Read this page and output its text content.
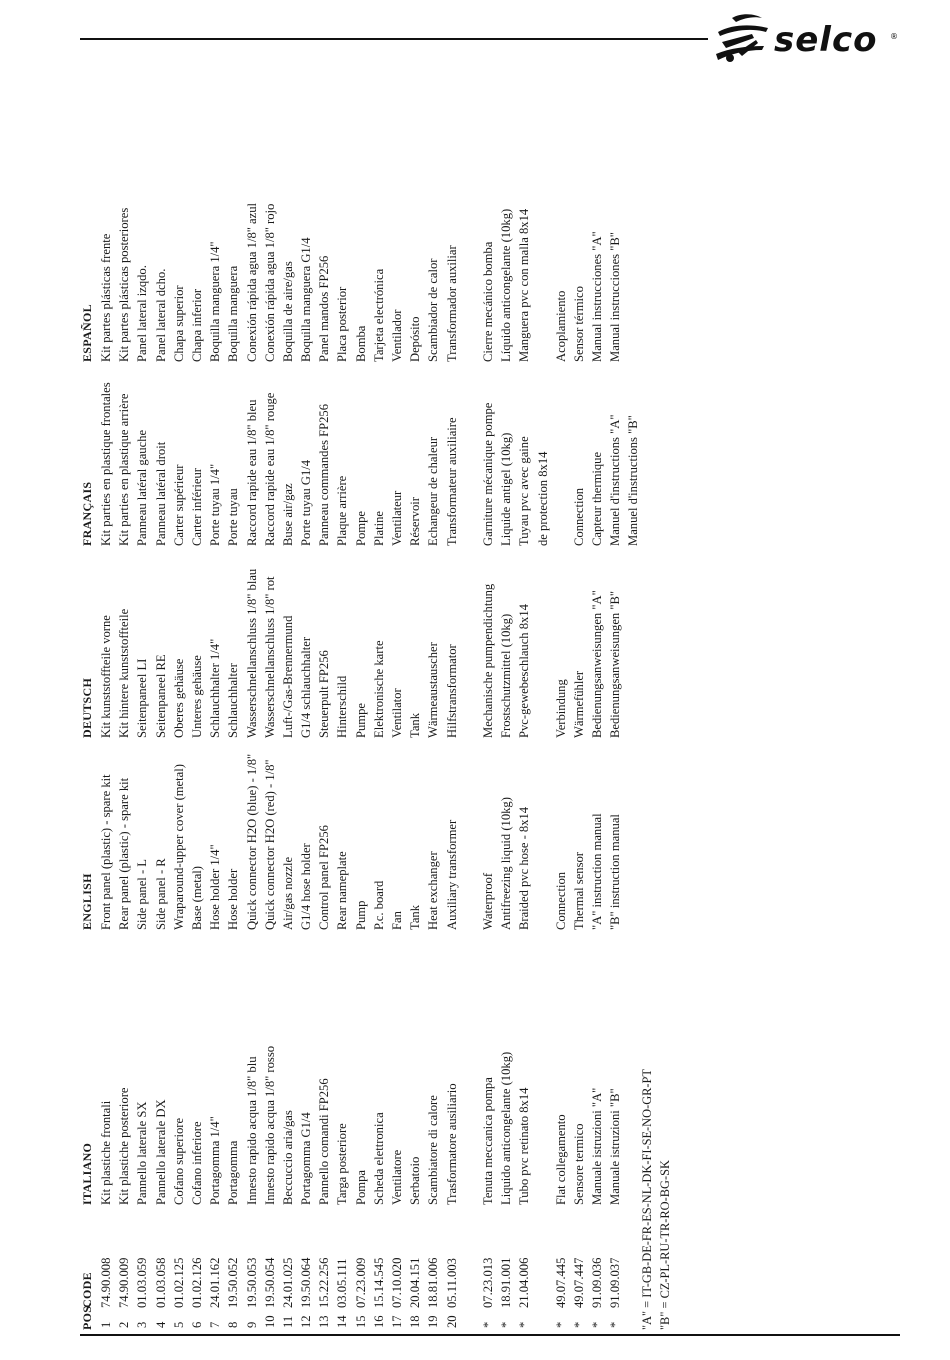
selco ®
POS. 1 2 3 4 5 6 7 8 9 10 11 12 13 14 15 16 17 18 19 20 * * * * * * *
CODE 74.90.008 74.90.009 01.03.059 01.03.058 01.02.125 01.02.126 24.01.162 19.50.052 19.50.053 19.50.054 24.01.025 19.50.064 15.22.256 03.05.111 07.23.009 15.14.545 07.10.020 20.04.151 18.81.006 05.11.003 07.23.013 18.91.001 21.04.006 49.07.445 49.07.447 91.09.036 91.09.037
ITALIANO Kit plastiche frontali Kit plastiche posteriore Pannello laterale SX Pannello laterale DX Cofano superiore Cofano inferiore Portagomma 1/4" Portagomma Innesto rapido acqua 1/8" blu Innesto rapido acqua 1/8" rosso Beccuccio aria/gas Portagomma G1/4 Pannello comandi FP256 Targa posteriore Pompa Scheda elettronica Ventilatore Serbatoio Scambiatore di calore Trasformatore ausiliario Tenuta meccanica pompa Liquido anticongelante (10kg) Tubo pvc retinato 8x14 Flat collegamento Sensore termico Manuale istruzioni "A" Manuale istruzioni "B"
ENGLISH Front panel (plastic) - spare kit Rear panel (plastic) - spare kit Side panel - L Side panel - R Wraparound-upper cover (metal) Base (metal) Hose holder 1/4" Hose holder Quick connector H2O (blue) - 1/8" Quick connector H2O (red) - 1/8" Air/gas nozzle G1/4 hose holder Control panel FP256 Rear nameplate Pump P.c. board Fan Tank Heat exchanger Auxiliary transformer Waterproof Antifreezing liquid (10kg) Braided pvc hose - 8x14 Connection Thermal sensor "A" instruction manual "B" instruction manual
DEUTSCH Kit kunststoffteile vorne Kit hintere kunststoffteile Seitenpaneel LI Seitenpaneel RE Oberes gehäuse Unteres gehäuse Schlauchhalter 1/4" Schlauchhalter Wasserschnellanschluss 1/8" blau Wasserschnellanschluss 1/8" rot Luft-/Gas-Brennermund G1/4 schlauchhalter Steuerpult FP256 Hinterschild Pumpe Elektronische karte Ventilator Tank Wärmeaustauscher Hilfstransformator Mechanische pumpendichtung Frostschutzmittel (10kg) Pvc-gewebeschlauch 8x14 Verbindung Wärmefühler Bedienungsanweisungen "A" Bedienungsanweisungen "B"
FRANÇAIS Kit parties en plastique frontales Kit parties en plastique arrière Panneau latéral gauche Panneau latéral droit Carter supérieur Carter inférieur Porte tuyau 1/4" Porte tuyau Raccord rapide eau 1/8" bleu Raccord rapide eau 1/8" rouge Buse air/gaz Porte tuyau G1/4 Panneau commandes FP256 Plaque arrière Pompe Platine Ventilateur Réservoir Echangeur de chaleur Transformateur auxiliaire Garniture mécanique pompe Liquide antigel (10kg) Tuyau pvc avec gaine de protection 8x14 Connection Capteur thermique Manuel d'instructions "A" Manuel d'instructions "B"
ESPAÑOL Kit partes plásticas frente Kit partes plásticas posteriores Panel lateral izqdo. Panel lateral dcho. Chapa superior Chapa inferior Boquilla manguera 1/4" Boquilla manguera Conexión rápida agua 1/8" azul Conexión rápida agua 1/8" rojo Boquilla de aire/gas Boquilla manguera G1/4 Panel mandos FP256 Placa posterior Bomba Tarjeta electrónica Ventilador Depósito Scambiador de calor Transformador auxiliar Cierre mecánico bomba Líquido anticongelante (10kg) Manguera pvc con malla 8x14 Acoplamiento Sensor térmico Manual instrucciones "A" Manual instrucciones "B"
"A" = IT-GB-DE-FR-ES-NL-DK-FI-SE-NO-GR-PT "B" = CZ-PL-RU-TR-RO-BG-SK
